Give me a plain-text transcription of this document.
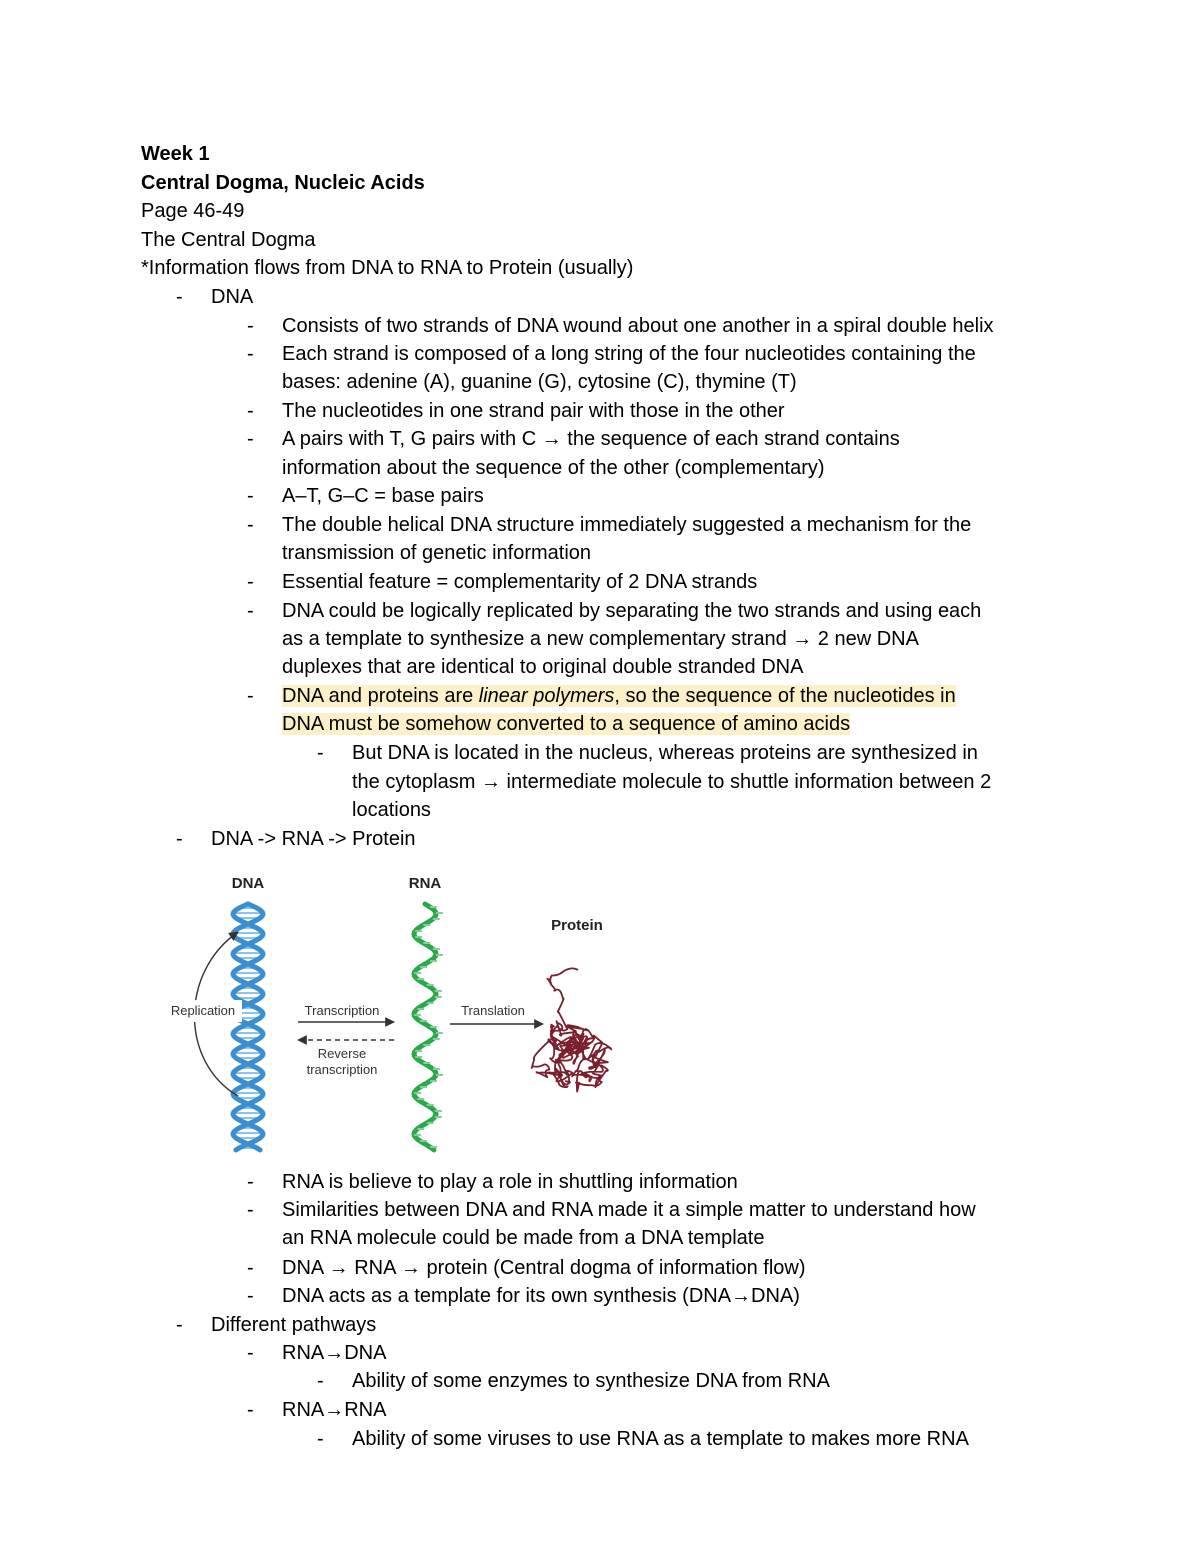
Week 1
Central Dogma, Nucleic Acids
Page 46-49
The Central Dogma
*Information flows from DNA to RNA to Protein (usually)
- DNA
- Consists of two strands of DNA wound about one another in a spiral double helix
- Each strand is composed of a long string of the four nucleotides containing the
bases: adenine (A), guanine (G), cytosine (C), thymine (T)
- The nucleotides in one strand pair with those in the other
- A pairs with T, G pairs with C → the sequence of each strand contains
information about the sequence of the other (complementary)
- A–T, G–C = base pairs
- The double helical DNA structure immediately suggested a mechanism for the
transmission of genetic information
- Essential feature = complementarity of 2 DNA strands
- DNA could be logically replicated by separating the two strands and using each
as a template to synthesize a new complementary strand → 2 new DNA
duplexes that are identical to original double stranded DNA
- DNA and proteins are linear polymers, so the sequence of the nucleotides in
DNA must be somehow converted to a sequence of amino acids
- But DNA is located in the nucleus, whereas proteins are synthesized in
the cytoplasm → intermediate molecule to shuttle information between 2
locations
- DNA -> RNA -> Protein
DNA	RNA
Protein
Replication	Transcription
Reverse
transcription
Translation
- RNA is believe to play a role in shuttling information
- Similarities between DNA and RNA made it a simple matter to understand how
an RNA molecule could be made from a DNA template
- DNA → RNA → protein (Central dogma of information flow)
- DNA acts as a template for its own synthesis (DNA→DNA)
- Different pathways
- RNA→DNA
- Ability of some enzymes to synthesize DNA from RNA
- RNA→RNA
- Ability of some viruses to use RNA as a template to makes more RNA
